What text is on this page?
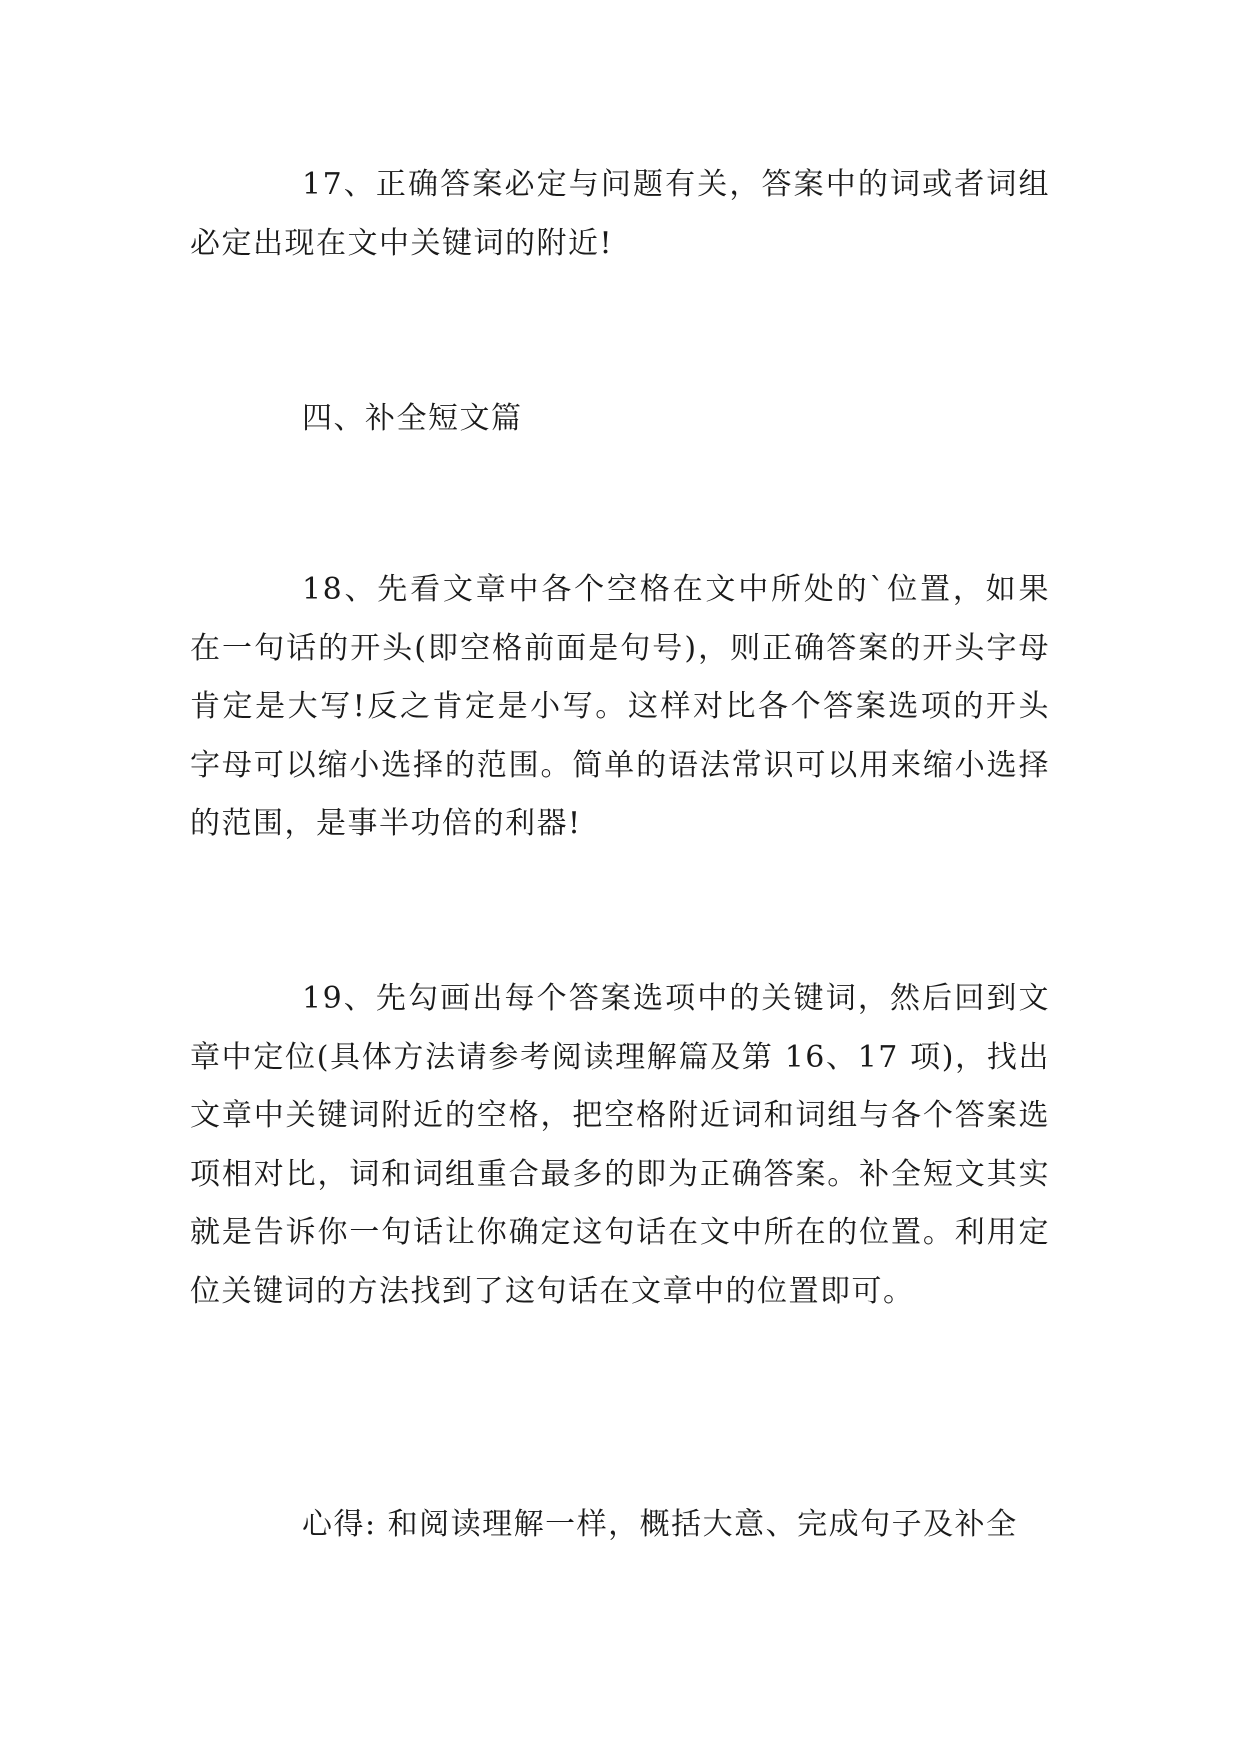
17、正确答案必定与问题有关，答案中的词或者词组必定出现在文中关键词的附近!

四、补全短文篇

18、先看文章中各个空格在文中所处的`位置，如果在一句话的开头(即空格前面是句号)，则正确答案的开头字母肯定是大写!反之肯定是小写。这样对比各个答案选项的开头字母可以缩小选择的范围。简单的语法常识可以用来缩小选择的范围，是事半功倍的利器!

19、先勾画出每个答案选项中的关键词，然后回到文章中定位(具体方法请参考阅读理解篇及第 16、17 项)，找出文章中关键词附近的空格，把空格附近词和词组与各个答案选项相对比，词和词组重合最多的即为正确答案。补全短文其实就是告诉你一句话让你确定这句话在文中所在的位置。利用定位关键词的方法找到了这句话在文章中的位置即可。

心得: 和阅读理解一样，概括大意、完成句子及补全
